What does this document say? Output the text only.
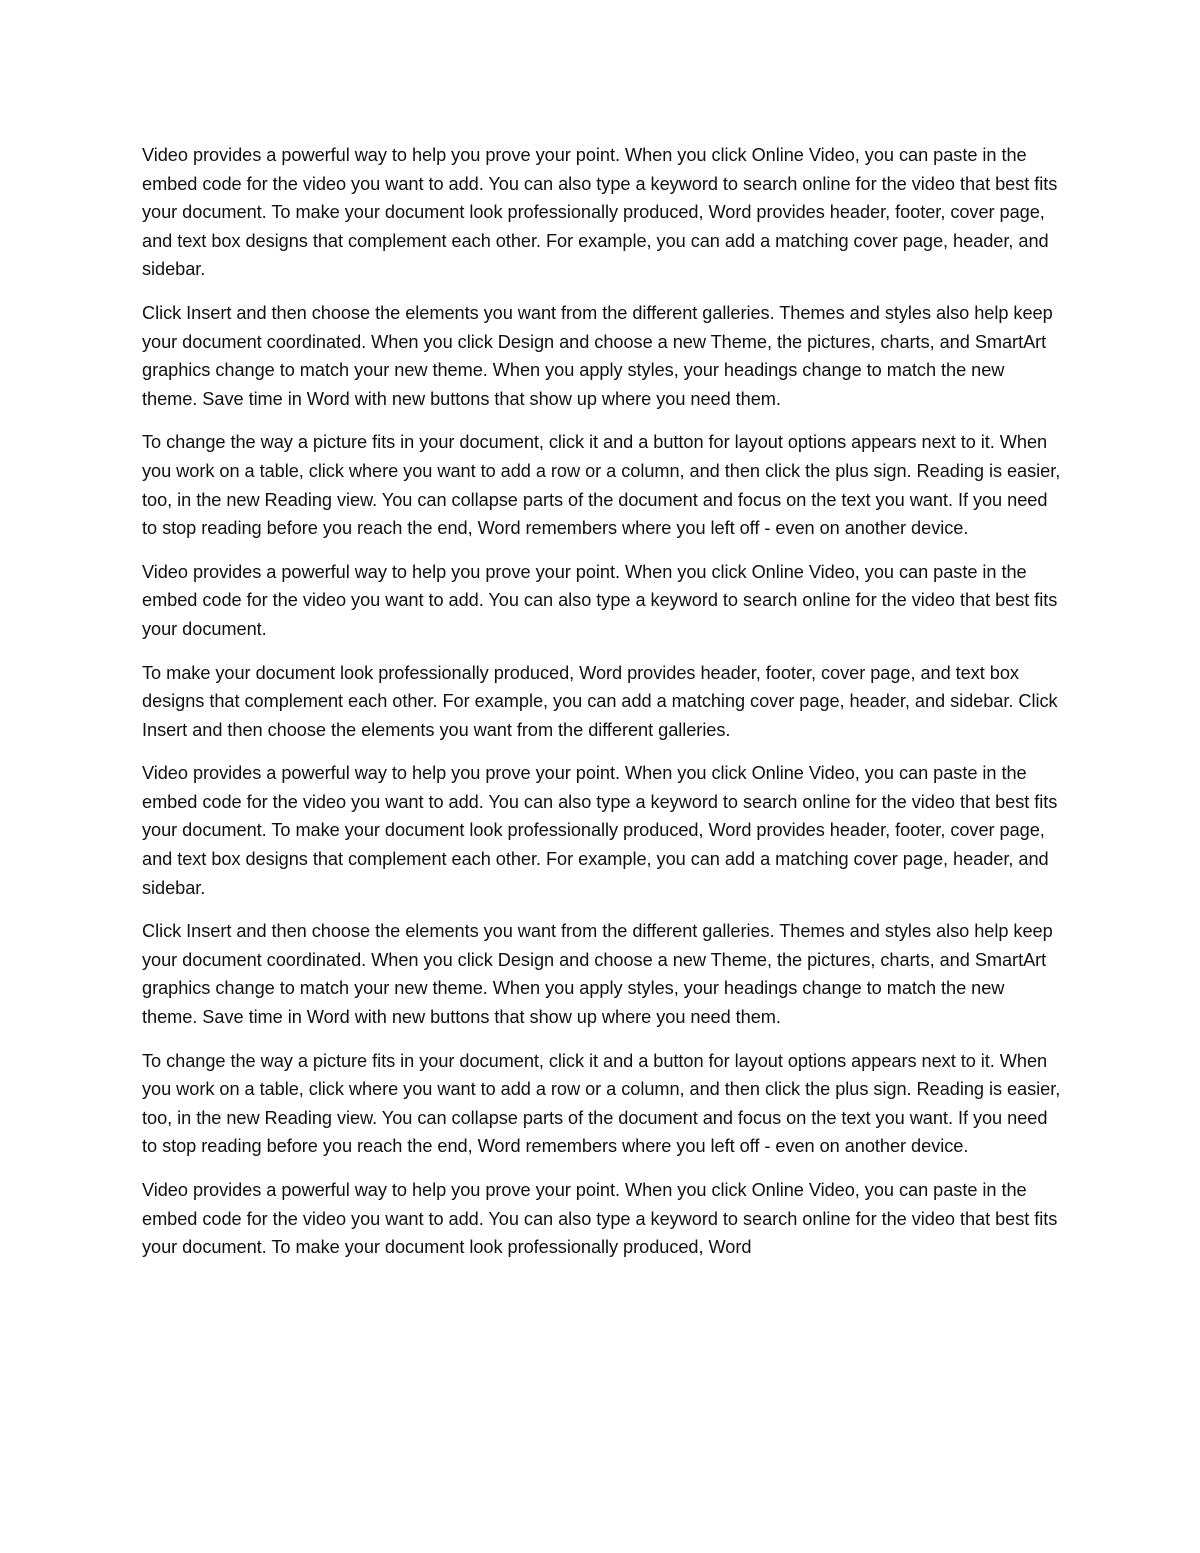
Video provides a powerful way to help you prove your point. When you click Online Video, you can paste in the embed code for the video you want to add. You can also type a keyword to search online for the video that best fits your document. To make your document look professionally produced, Word provides header, footer, cover page, and text box designs that complement each other. For example, you can add a matching cover page, header, and sidebar.

Click Insert and then choose the elements you want from the different galleries. Themes and styles also help keep your document coordinated. When you click Design and choose a new Theme, the pictures, charts, and SmartArt graphics change to match your new theme. When you apply styles, your headings change to match the new theme. Save time in Word with new buttons that show up where you need them.

To change the way a picture fits in your document, click it and a button for layout options appears next to it. When you work on a table, click where you want to add a row or a column, and then click the plus sign. Reading is easier, too, in the new Reading view. You can collapse parts of the document and focus on the text you want. If you need to stop reading before you reach the end, Word remembers where you left off - even on another device.

Video provides a powerful way to help you prove your point. When you click Online Video, you can paste in the embed code for the video you want to add. You can also type a keyword to search online for the video that best fits your document.

To make your document look professionally produced, Word provides header, footer, cover page, and text box designs that complement each other. For example, you can add a matching cover page, header, and sidebar. Click Insert and then choose the elements you want from the different galleries.

Video provides a powerful way to help you prove your point. When you click Online Video, you can paste in the embed code for the video you want to add. You can also type a keyword to search online for the video that best fits your document. To make your document look professionally produced, Word provides header, footer, cover page, and text box designs that complement each other. For example, you can add a matching cover page, header, and sidebar.

Click Insert and then choose the elements you want from the different galleries. Themes and styles also help keep your document coordinated. When you click Design and choose a new Theme, the pictures, charts, and SmartArt graphics change to match your new theme. When you apply styles, your headings change to match the new theme. Save time in Word with new buttons that show up where you need them.

To change the way a picture fits in your document, click it and a button for layout options appears next to it. When you work on a table, click where you want to add a row or a column, and then click the plus sign. Reading is easier, too, in the new Reading view. You can collapse parts of the document and focus on the text you want. If you need to stop reading before you reach the end, Word remembers where you left off - even on another device.

Video provides a powerful way to help you prove your point. When you click Online Video, you can paste in the embed code for the video you want to add. You can also type a keyword to search online for the video that best fits your document. To make your document look professionally produced, Word
